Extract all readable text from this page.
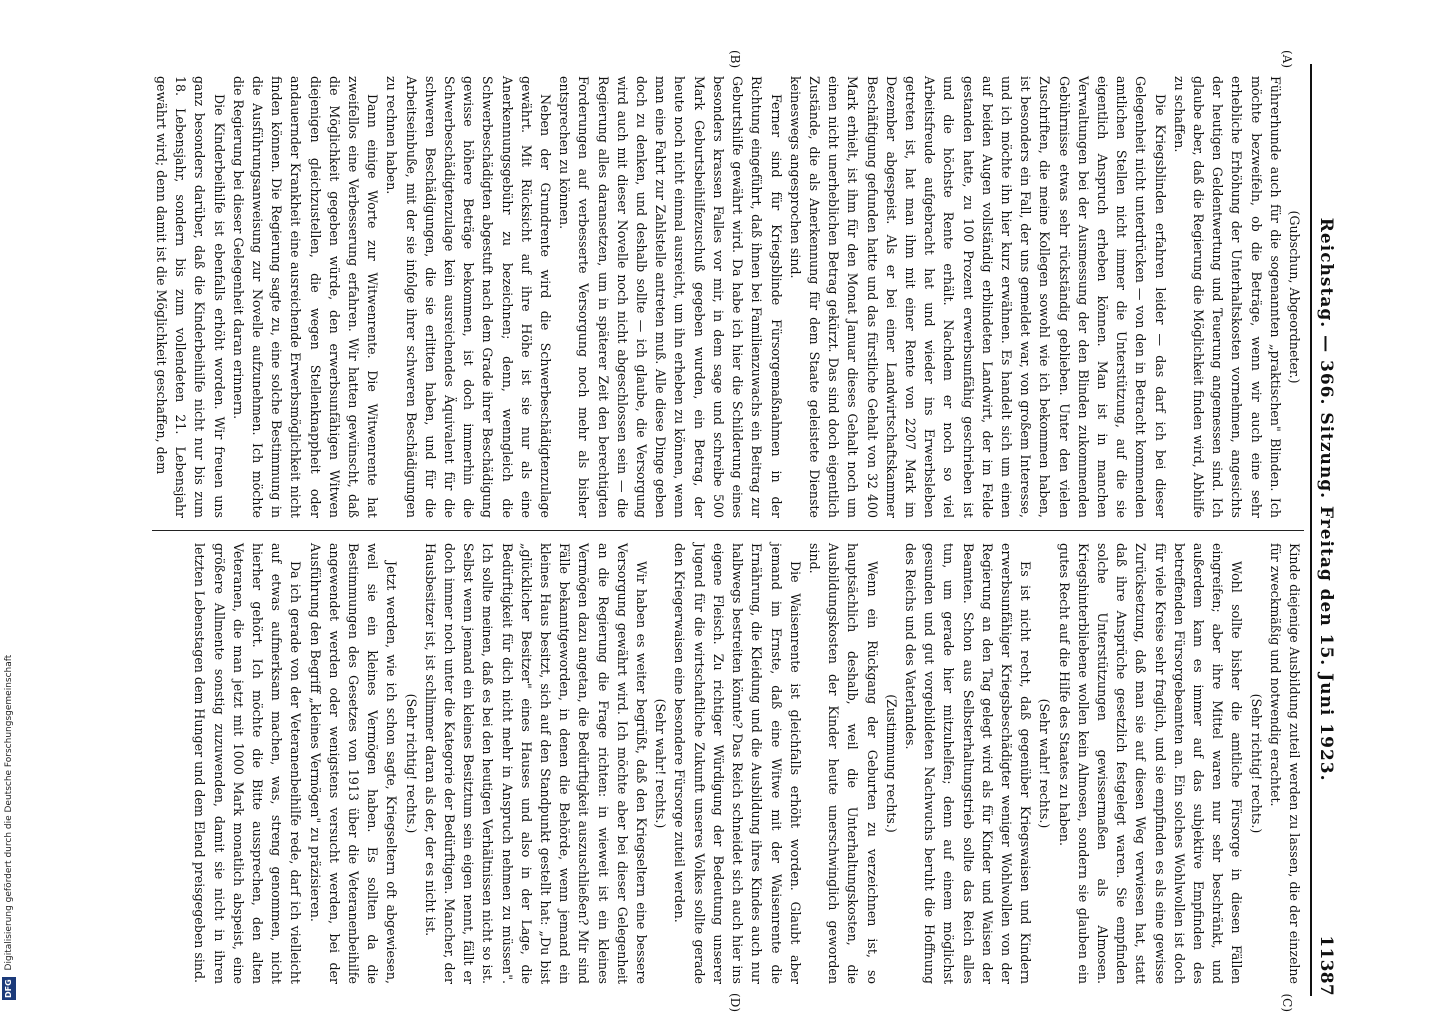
Reichstag. — 366. Sitzung. Freitag den 15. Juni 1923.
11387
(A)
(B)

(Gubschun, Abgeordneter.)

Führerhunde auch für die sogenannten „praktischen" Blinden. Ich möchte bezweifeln, ob die Beträge, wenn wir auch eine sehr erhebliche Erhöhung der Unterhaltskosten vornehmen, angesichts der heutigen Geldentwertung und Teuerung angemessen sind. Ich glaube aber, daß die Regierung die Möglichkeit finden wird, Abhilfe zu schaffen.

Die Kriegsblinden erfahren leider — das darf ich bei dieser Gelegenheit nicht unterdrücken — von den in Betracht kommenden amtlichen Stellen nicht immer die Unterstützung, auf die sie eigentlich Anspruch erheben können. Man ist in manchen Verwaltungen bei der Ausmessung der den Blinden zukommenden Gebührnisse etwas sehr rückständig geblieben. Unter den vielen Zuschriften, die meine Kollegen sowohl wie ich bekommen haben, ist besonders ein Fall, der uns gemeldet war, von großem Interesse, und ich möchte ihn hier kurz erwähnen. Es handelt sich um einen auf beiden Augen vollständig erblindeten Landwirt, der im Felde gestanden hatte, zu 100 Prozent erwerbsunfähig geschrieben ist und die höchste Rente erhält. Nachdem er noch so viel Arbeitsfreude aufgebracht hat und wieder ins Erwerbsleben getreten ist, hat man ihm mit einer Rente von 2207 Mark im Dezember abgespeist. Als er bei einer Landwirtschaftskammer Beschäftigung gefunden hatte und das fürstliche Gehalt von 32 400 Mark erhielt, ist ihm für den Monat Januar dieses Gehalt noch um einen nicht unerheblichen Betrag gekürzt. Das sind doch eigentlich Zustände, die als Anerkennung für dem Staate geleistete Dienste keineswegs angesprochen sind.

Ferner sind für Kriegsblinde Fürsorgemaßnahmen in der Richtung eingeführt, daß ihnen bei Familienzuwachs ein Beitrag zur Geburtshilfe gewährt wird. Da habe ich hier die Schilderung eines besonders krassen Falles vor mir, in dem sage und schreibe 500 Mark Geburtsbeihilfezuschuß gegeben wurden, ein Betrag, der heute noch nicht einmal ausreicht, um ihn erheben zu können, wenn man eine Fahrt zur Zahlstelle antreten muß. Alle diese Dinge geben doch zu denken, und deshalb sollte — ich glaube, die Versorgung wird auch mit dieser Novelle noch nicht abgeschlossen sein — die Regierung alles daransetzen, um in späterer Zeit den berechtigten Forderungen auf verbesserte Versorgung noch mehr als bisher entsprechen zu können.

Neben der Grundrente wird die Schwerbeschädigtenzulage gewährt. Mit Rücksicht auf ihre Höhe ist sie nur als eine Anerkennungsgebühr zu bezeichnen; denn, wenngleich die Schwerbeschädigten abgestuft nach dem Grade ihrer Beschädigung gewisse höhere Beträge bekommen, ist doch immerhin die Schwerbeschädigtenzulage kein ausreichendes Äquivalent für die schweren Beschädigungen, die sie erlitten haben, und für die Arbeitseinbuße, mit der sie infolge ihrer schweren Beschädigungen zu rechnen haben.

Dann einige Worte zur Witwenrente. Die Witwenrente hat zweifellos eine Verbesserung erfahren. Wir hatten gewünscht, daß die Möglichkeit gegeben würde, den erwerbsunfähigen Witwen diejenigen gleichzustellen, die wegen Stellenknappheit oder andauernder Krankheit eine ausreichende Erwerbsmöglichkeit nicht finden können. Die Regierung sagte zu, eine solche Bestimmung in die Ausführungsanweisung zur Novelle aufzunehmen. Ich möchte die Regierung bei dieser Gelegenheit daran erinnern.

Die Kinderbeihilfe ist ebenfalls erhöht worden. Wir freuen uns ganz besonders darüber, daß die Kinderbeihilfe nicht nur bis zum 18. Lebensjahr, sondern bis zum vollendeten 21. Lebensjahr gewährt wird; denn damit ist die Möglichkeit geschaffen, dem

(C)
(D)

Kinde diejenige Ausbildung zuteil werden zu lassen, die der einzelne für zweckmäßig und notwendig erachtet.

(Sehr richtig! rechts.)

Wohl sollte bisher die amtliche Fürsorge in diesen Fällen eingreifen; aber ihre Mittel waren nur sehr beschränkt, und außerdem kam es immer auf das subjektive Empfinden des betreffenden Fürsorgebeamten an. Ein solches Wohlwollen ist doch für viele Kreise sehr fraglich, und sie empfinden es als eine gewisse Zurücksetzung, daß man sie auf diesen Weg verwiesen hat, statt daß ihre Ansprüche gesetzlich festgelegt waren. Sie empfinden solche Unterstützungen gewissermaßen als Almosen. Kriegshinterbliebene wollen kein Almosen, sondern sie glauben ein gutes Recht auf die Hilfe des Staates zu haben.

(Sehr wahr! rechts.)

Es ist nicht recht, daß gegenüber Kriegswaisen und Kindern erwerbsunfähiger Kriegsbeschädigter weniger Wohlwollen von der Regierung an den Tag gelegt wird als für Kinder und Waisen der Beamten. Schon aus Selbsterhaltungstrieb sollte das Reich alles tun, um gerade hier mitzuhelfen; denn auf einem möglichst gesunden und gut vorgebildeten Nachwuchs beruht die Hoffnung des Reichs und des Vaterlandes.

(Zustimmung rechts.)

Wenn ein Rückgang der Geburten zu verzeichnen ist, so hauptsächlich deshalb, weil die Unterhaltungskosten, die Ausbildungskosten der Kinder heute unerschwinglich geworden sind.

Die Waisenrente ist gleichfalls erhöht worden. Glaubt aber jemand im Ernste, daß eine Witwe mit der Waisenrente die Ernährung, die Kleidung und die Ausbildung ihres Kindes auch nur halbwegs bestreiten könnte? Das Reich schneidet sich auch hier ins eigene Fleisch. Zu richtiger Würdigung der Bedeutung unserer Jugend für die wirtschaftliche Zukunft unseres Volkes sollte gerade den Kriegerwaisen eine besondere Fürsorge zuteil werden.

(Sehr wahr! rechts.)

Wir haben es weiter begrüßt, daß den Kriegseltern eine bessere Versorgung gewährt wird. Ich möchte aber bei dieser Gelegenheit an die Regierung die Frage richten: in wieweit ist ein kleines Vermögen dazu angetan, die Bedürftigkeit auszuschließen? Mir sind Fälle bekanntgeworden, in denen die Behörde, wenn jemand ein kleines Haus besitzt, sich auf den Standpunkt gestellt hat: „Du bist „glücklicher Besitzer" eines Hauses und also in der Lage, die Bedürftigkeit für dich nicht mehr in Anspruch nehmen zu müssen". Ich sollte meinen, daß es bei den heutigen Verhältnissen nicht so ist. Selbst wenn jemand ein kleines Besitztum sein eigen nennt, fällt er doch immer noch unter die Kategorie der Bedürftigen. Mancher, der Hausbesitzer ist, ist schlimmer daran als der, der es nicht ist.

(Sehr richtig! rechts.)

Jetzt werden, wie ich schon sagte, Kriegseltern oft abgewiesen, weil sie ein kleines Vermögen haben. Es sollten da die Bestimmungen des Gesetzes von 1913 über die Veteranenbeihilfe angewendet werden oder wenigstens versucht werden, bei der Ausführung den Begriff „kleines Vermögen" zu präzisieren.

Da ich gerade von der Veteranenbeihilfe rede, darf ich vielleicht auf etwas aufmerksam machen, was, streng genommen, nicht hierher gehört. Ich möchte die Bitte aussprechen, den alten Veteranen, die man jetzt mit 1000 Mark monatlich abspeist, eine größere Allmente sonstig zuzuwenden, damit sie nicht in ihren letzten Lebenstagen dem Hunger und dem Elend preisgegeben sind.

DFG Digitalisierung gefördert durch die Deutsche Forschungsgemeinschaft
